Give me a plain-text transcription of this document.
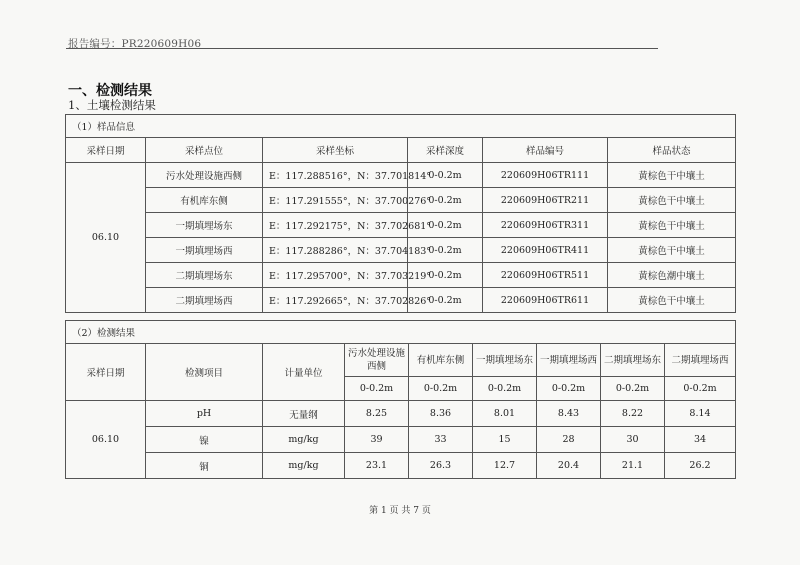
报告编号：PR220609H06
一、检测结果
1、土壤检测结果
（1）样品信息					
采样日期	采样点位	采样坐标	采样深度	样品编号	样品状态
06.10	污水处理设施西侧	E：117.288516°，N：37.701814°	0-0.2m	220609H06TR111	黄棕色干中壤土
	有机库东侧	E：117.291555°，N：37.700276°	0-0.2m	220609H06TR211	黄棕色干中壤土
	一期填埋场东	E：117.292175°，N：37.702681°	0-0.2m	220609H06TR311	黄棕色干中壤土
	一期填埋场西	E：117.288286°，N：37.704183°	0-0.2m	220609H06TR411	黄棕色干中壤土
	二期填埋场东	E：117.295700°，N：37.703219°	0-0.2m	220609H06TR511	黄棕色潮中壤土
	二期填埋场西	E：117.292665°，N：37.702826°	0-0.2m	220609H06TR611	黄棕色干中壤土
（2）检测结果								
采样日期	检测项目	计量单位	污水处理设施西侧	有机库东侧	一期填埋场东	一期填埋场西	二期填埋场东	二期填埋场西
			0-0.2m	0-0.2m	0-0.2m	0-0.2m	0-0.2m	0-0.2m
06.10	pH	无量纲	8.25	8.36	8.01	8.43	8.22	8.14
	镍	mg/kg	39	33	15	28	30	34
	铜	mg/kg	23.1	26.3	12.7	20.4	21.1	26.2
第 1 页 共 7 页
